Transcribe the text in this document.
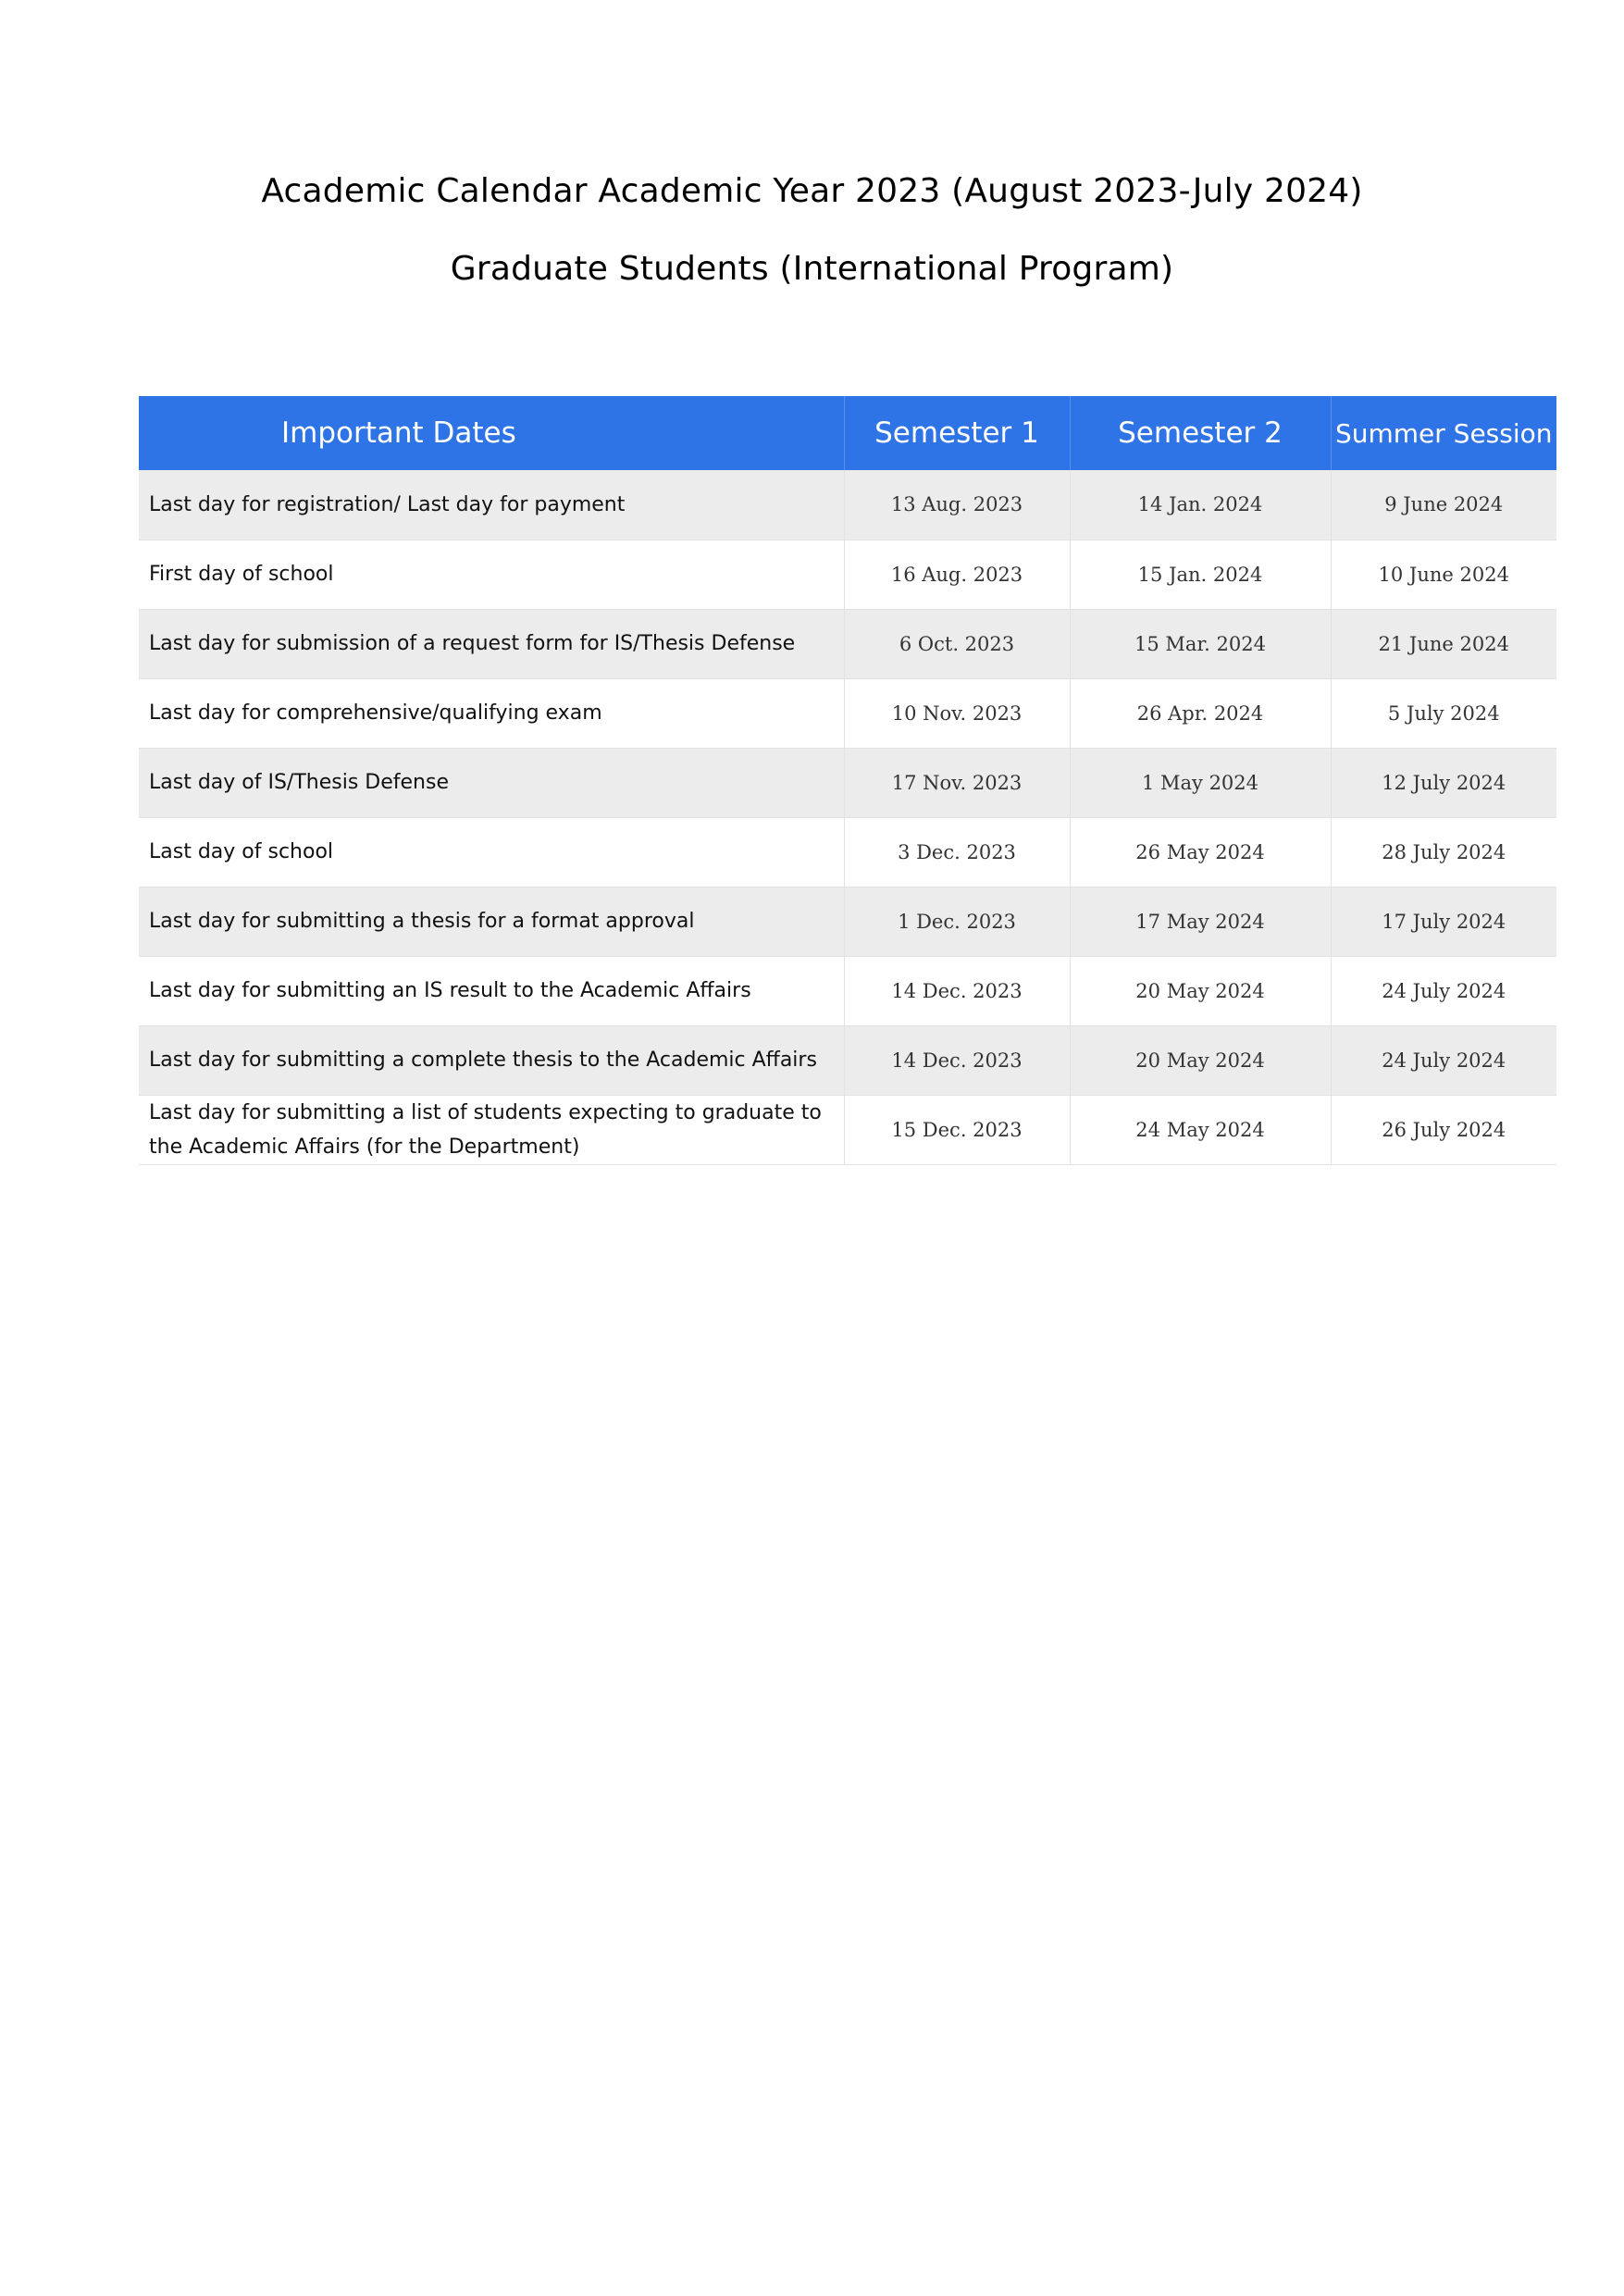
Academic Calendar Academic Year 2023 (August 2023-July 2024)
Graduate Students (International Program)
Important Dates	Semester 1	Semester 2	Summer Session
Last day for registration/ Last day for payment	13 Aug. 2023	14 Jan. 2024	9 June 2024
First day of school	16 Aug. 2023	15 Jan. 2024	10 June 2024
Last day for submission of a request form for IS/Thesis Defense	6 Oct. 2023	15 Mar. 2024	21 June 2024
Last day for comprehensive/qualifying exam	10 Nov. 2023	26 Apr. 2024	5 July 2024
Last day of IS/Thesis Defense	17 Nov. 2023	1 May 2024	12 July 2024
Last day of school	3 Dec. 2023	26 May 2024	28 July 2024
Last day for submitting a thesis for a format approval	1 Dec. 2023	17 May 2024	17 July 2024
Last day for submitting an IS result to the Academic Affairs	14 Dec. 2023	20 May 2024	24 July 2024
Last day for submitting a complete thesis to the Academic Affairs	14 Dec. 2023	20 May 2024	24 July 2024
Last day for submitting a list of students expecting to graduate to the Academic Affairs (for the Department)	15 Dec. 2023	24 May 2024	26 July 2024
